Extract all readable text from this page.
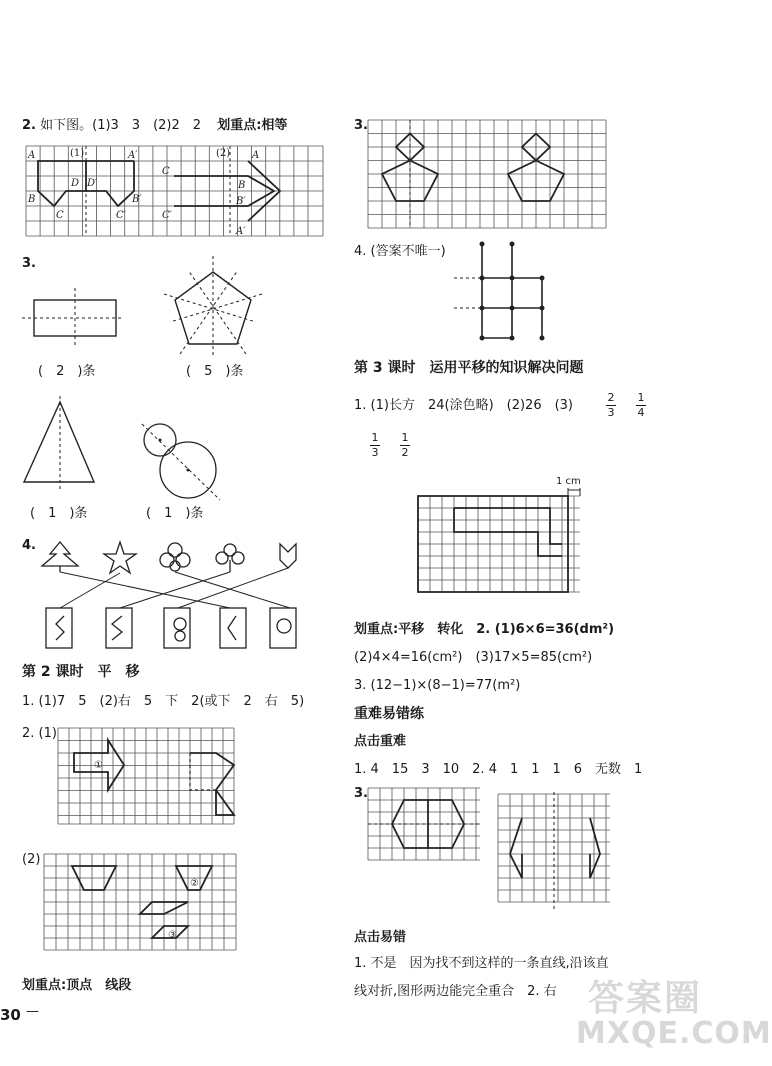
2. 如下图。(1)3　3　(2)2　2 划重点:相等
A	(1)	A′
D D′
B	B′
C	C′
(2) A
C
B
B′
C′
A′
3.
(　2　)条	(　5　)条
(　1　)条	(　1　)条
4.
第 2 课时　平　移
1. (1)7　5　(2)右　5　下　2(或下　2　右　5)
2. (1)
①
(2)
②
③
划重点:顶点　线段
30 —
3.
4. (答案不唯一)
第 3 课时　运用平移的知识解决问题
1. (1)长方　24(涂色略)　(2)26　(3)
2
3
1
4
1
3
1
2
1 cm
划重点:平移　转化　2. (1)6×6=36(dm²)
(2)4×4=16(cm²)　(3)17×5=85(cm²)
3. (12−1)×(8−1)=77(m²)
重难易错练
点击重难
1. 4　15　3　10　2. 4　1　1　1　6　无数　1
3.
点击易错
1. 不是　因为找不到这样的一条直线,沿该直
线对折,图形两边能完全重合　2. 右 答案圈
MXQE.COM
